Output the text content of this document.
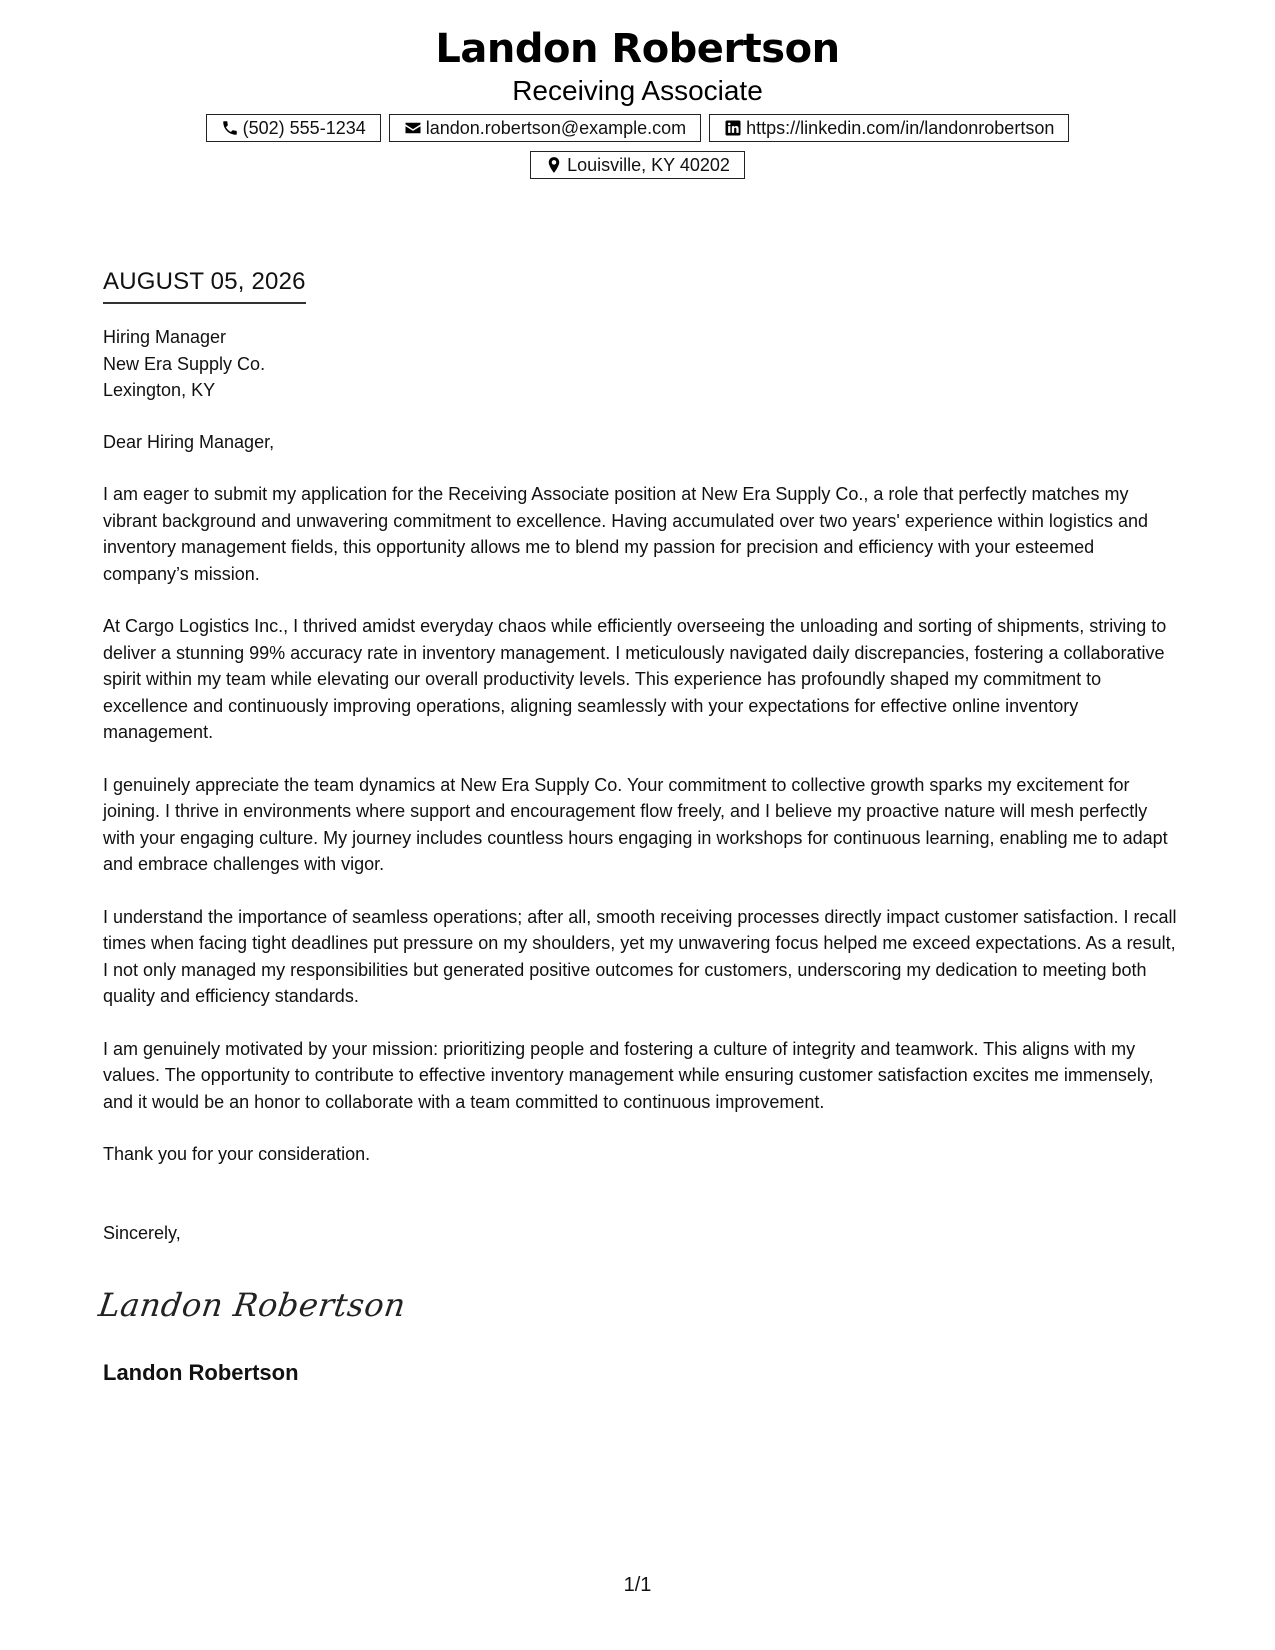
Landon Robertson
Receiving Associate
(502) 555-1234	landon.robertson@example.com	https://linkedin.com/in/landonrobertson
Louisville, KY 40202
AUGUST 05, 2026
Hiring Manager
New Era Supply Co.
Lexington, KY

Dear Hiring Manager,

I am eager to submit my application for the Receiving Associate position at New Era Supply Co., a role that perfectly matches my vibrant background and unwavering commitment to excellence. Having accumulated over two years' experience within logistics and inventory management fields, this opportunity allows me to blend my passion for precision and efficiency with your esteemed company’s mission.

At Cargo Logistics Inc., I thrived amidst everyday chaos while efficiently overseeing the unloading and sorting of shipments, striving to deliver a stunning 99% accuracy rate in inventory management. I meticulously navigated daily discrepancies, fostering a collaborative spirit within my team while elevating our overall productivity levels. This experience has profoundly shaped my commitment to excellence and continuously improving operations, aligning seamlessly with your expectations for effective online inventory management.

I genuinely appreciate the team dynamics at New Era Supply Co. Your commitment to collective growth sparks my excitement for joining. I thrive in environments where support and encouragement flow freely, and I believe my proactive nature will mesh perfectly with your engaging culture. My journey includes countless hours engaging in workshops for continuous learning, enabling me to adapt and embrace challenges with vigor.

I understand the importance of seamless operations; after all, smooth receiving processes directly impact customer satisfaction. I recall times when facing tight deadlines put pressure on my shoulders, yet my unwavering focus helped me exceed expectations. As a result, I not only managed my responsibilities but generated positive outcomes for customers, underscoring my dedication to meeting both quality and efficiency standards.

I am genuinely motivated by your mission: prioritizing people and fostering a culture of integrity and teamwork. This aligns with my values. The opportunity to contribute to effective inventory management while ensuring customer satisfaction excites me immensely, and it would be an honor to collaborate with a team committed to continuous improvement.

Thank you for your consideration.

Sincerely,
Landon Robertson
Landon Robertson
1/1
